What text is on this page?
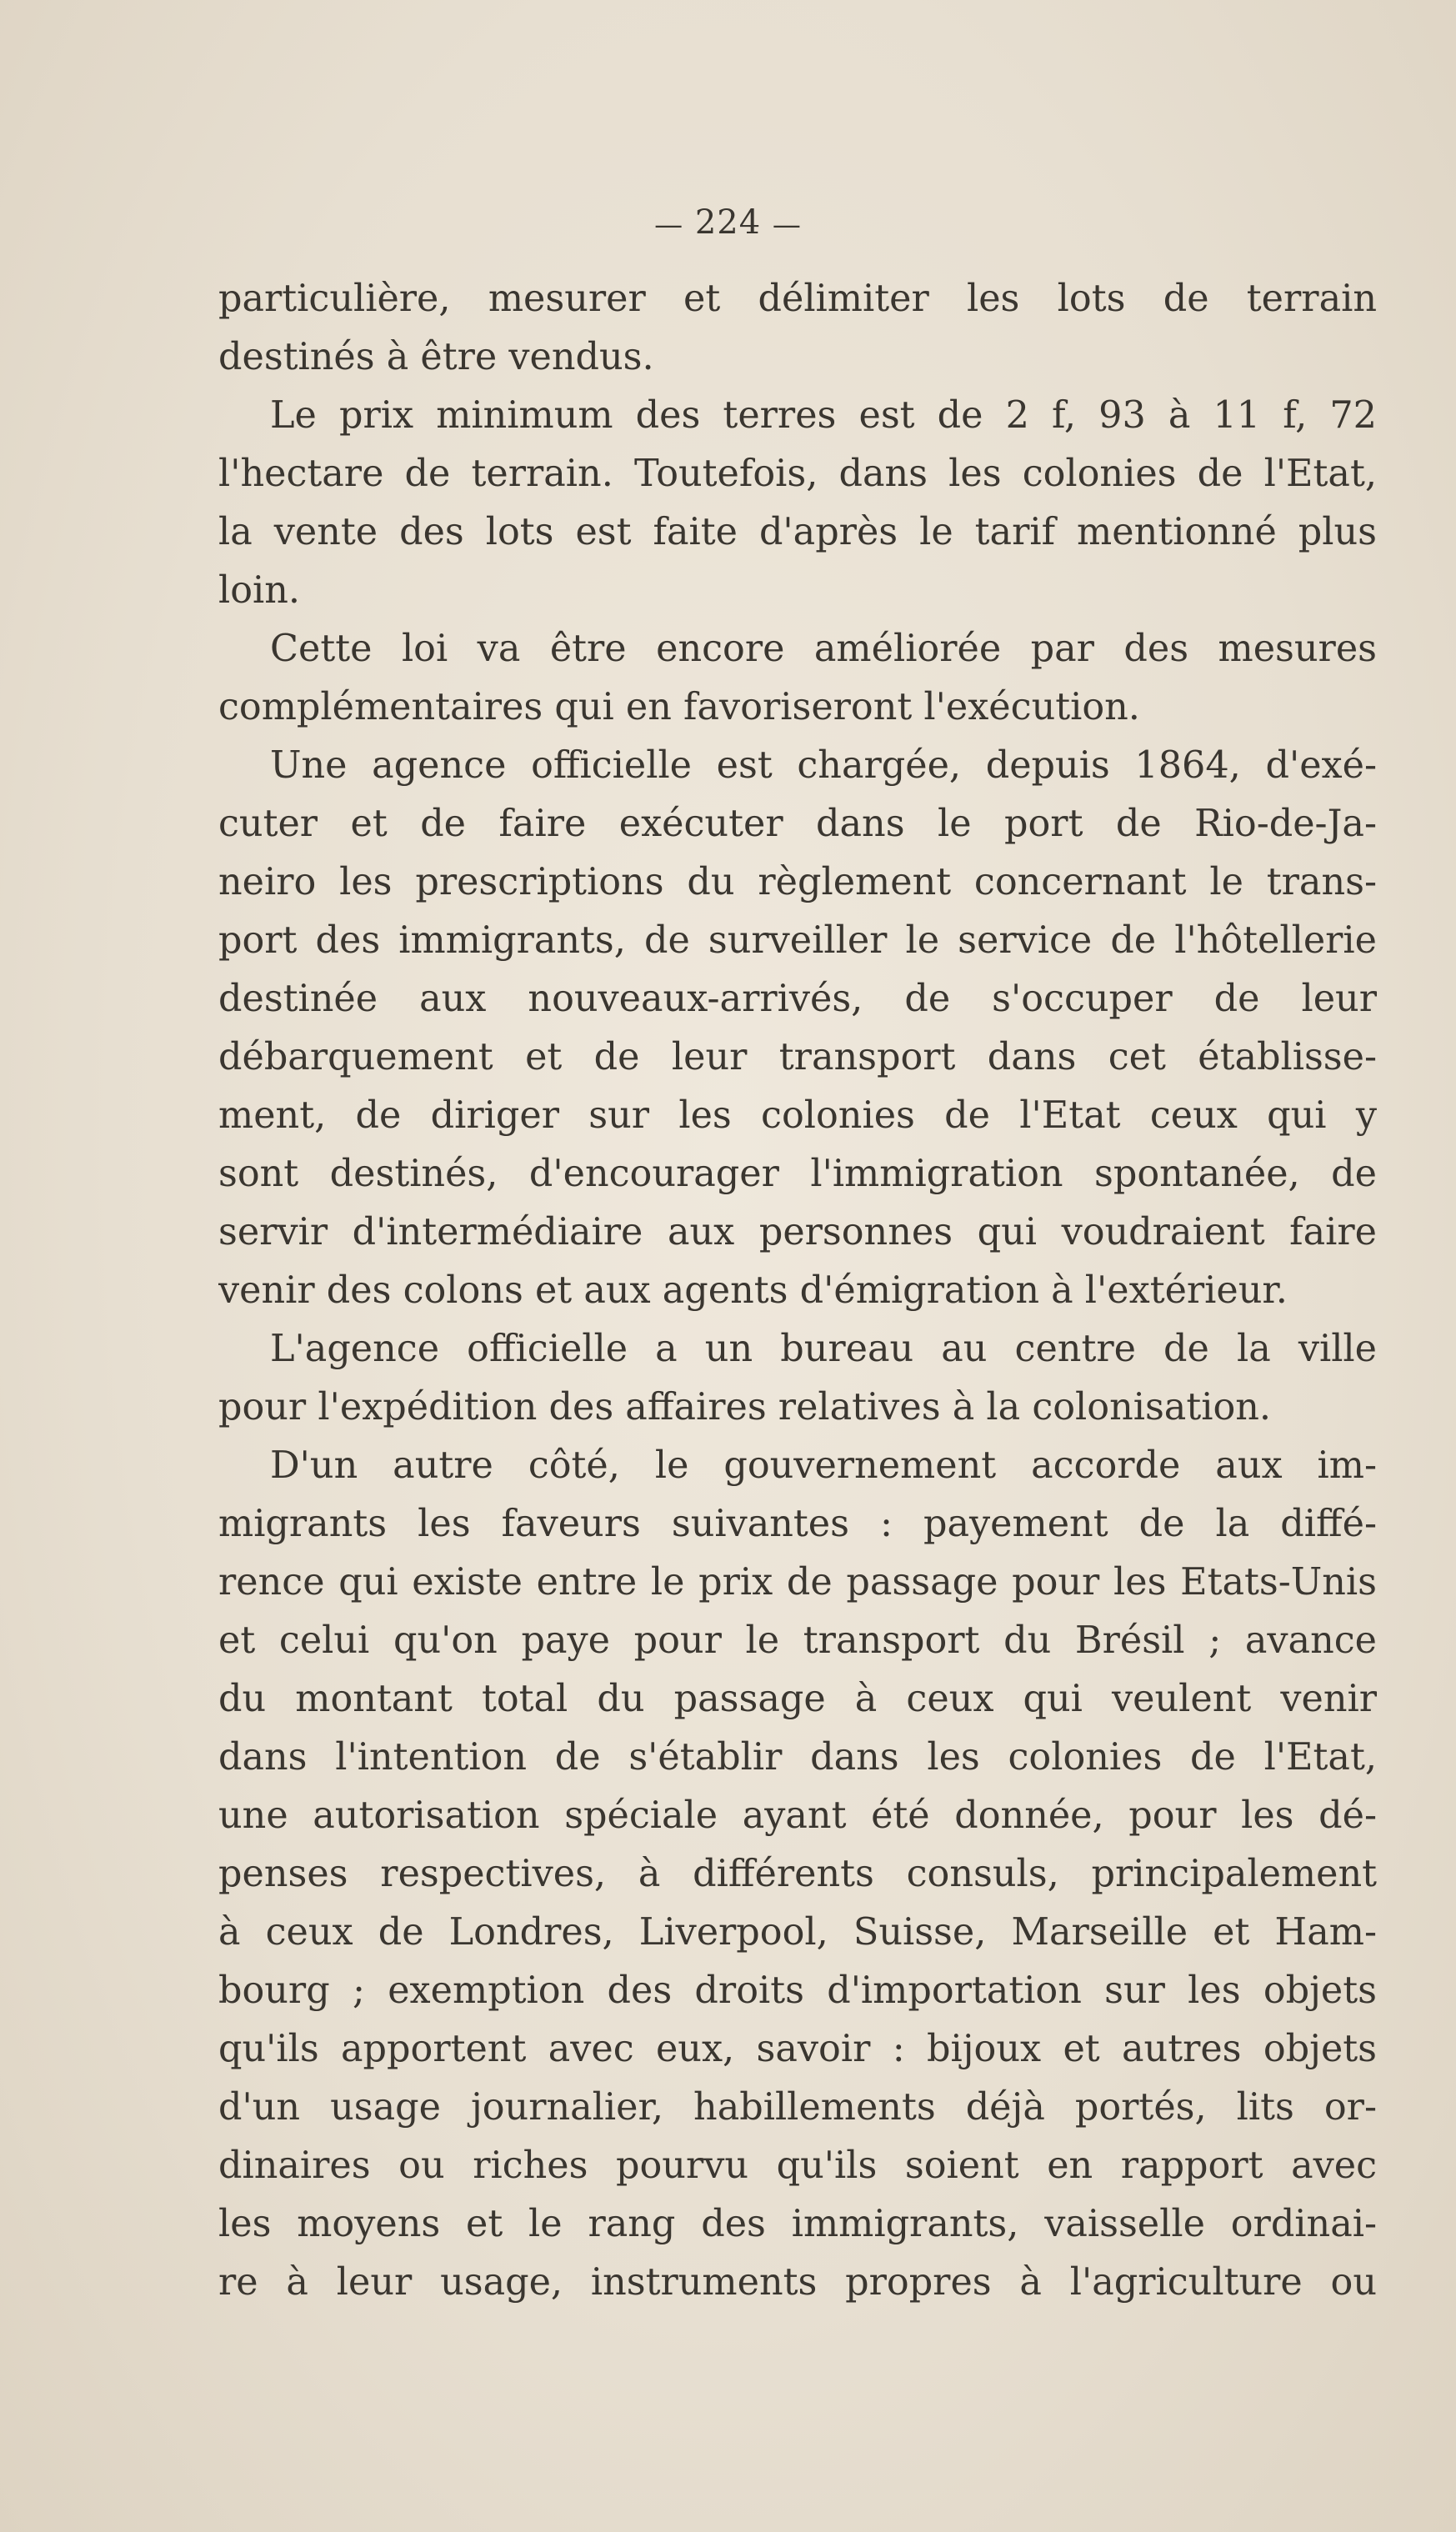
— 224 —
particulière, mesurer et délimiter les lots de terrain
destinés à être vendus.
Le prix minimum des terres est de 2 f, 93 à 11 f, 72
l'hectare de terrain. Toutefois, dans les colonies de l'Etat,
la vente des lots est faite d'après le tarif mentionné plus
loin.
Cette loi va être encore améliorée par des mesures
complémentaires qui en favoriseront l'exécution.
Une agence officielle est chargée, depuis 1864, d'exé-
cuter et de faire exécuter dans le port de Rio-de-Ja-
neiro les prescriptions du règlement concernant le trans-
port des immigrants, de surveiller le service de l'hôtellerie
destinée aux nouveaux-arrivés, de s'occuper de leur
débarquement et de leur transport dans cet établisse-
ment, de diriger sur les colonies de l'Etat ceux qui y
sont destinés, d'encourager l'immigration spontanée, de
servir d'intermédiaire aux personnes qui voudraient faire
venir des colons et aux agents d'émigration à l'extérieur.
L'agence officielle a un bureau au centre de la ville
pour l'expédition des affaires relatives à la colonisation.
D'un autre côté, le gouvernement accorde aux im-
migrants les faveurs suivantes : payement de la diffé-
rence qui existe entre le prix de passage pour les Etats-Unis
et celui qu'on paye pour le transport du Brésil ; avance
du montant total du passage à ceux qui veulent venir
dans l'intention de s'établir dans les colonies de l'Etat,
une autorisation spéciale ayant été donnée, pour les dé-
penses respectives, à différents consuls, principalement
à ceux de Londres, Liverpool, Suisse, Marseille et Ham-
bourg ; exemption des droits d'importation sur les objets
qu'ils apportent avec eux, savoir : bijoux et autres objets
d'un usage journalier, habillements déjà portés, lits or-
dinaires ou riches pourvu qu'ils soient en rapport avec
les moyens et le rang des immigrants, vaisselle ordinai-
re à leur usage, instruments propres à l'agriculture ou
